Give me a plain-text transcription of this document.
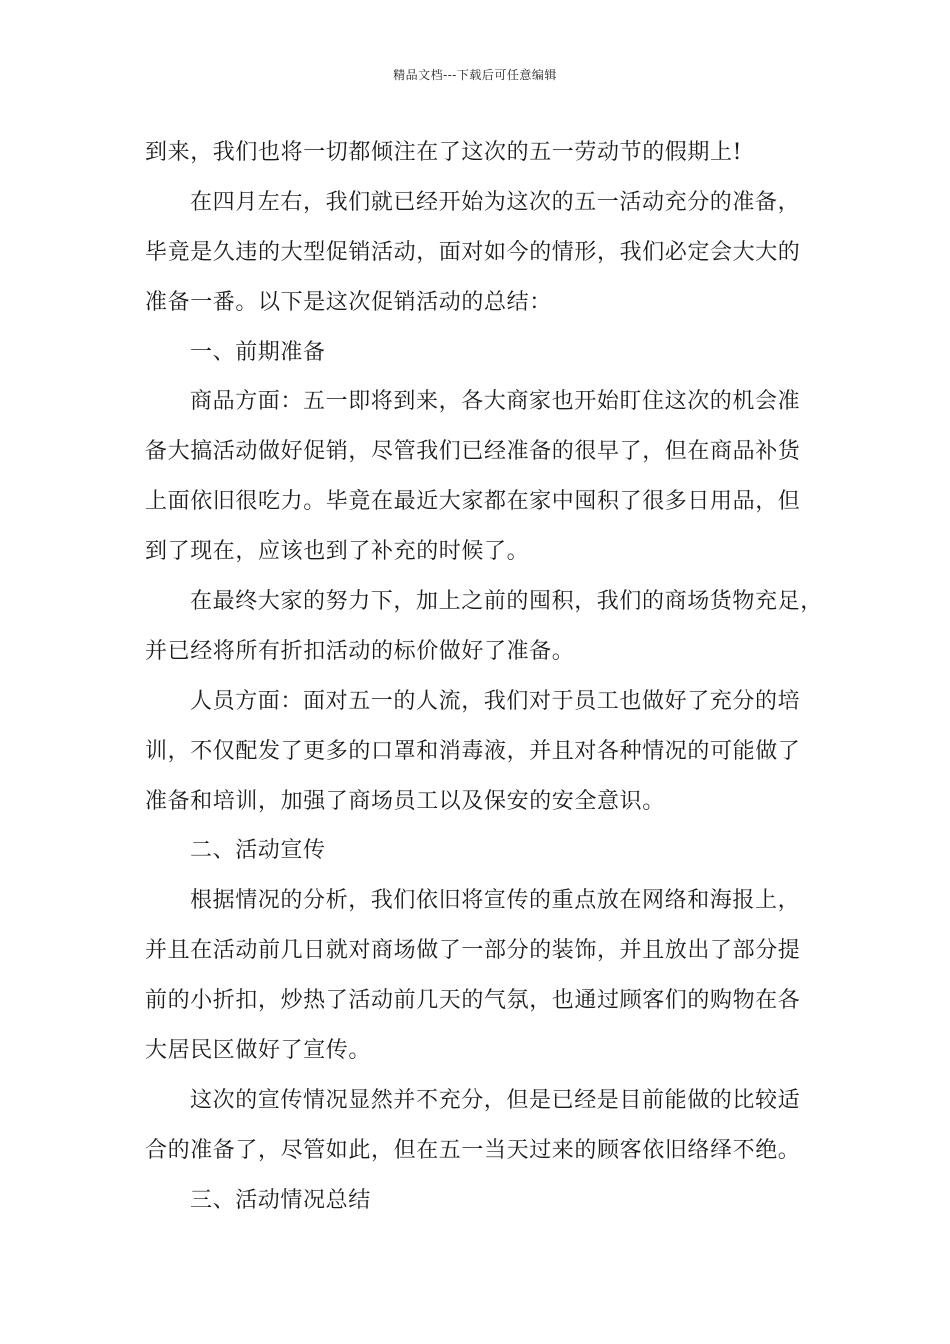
精品文档---下载后可任意编辑
到来，我们也将一切都倾注在了这次的五一劳动节的假期上!
在四月左右，我们就已经开始为这次的五一活动充分的准备，
毕竟是久违的大型促销活动，面对如今的情形，我们必定会大大的
准备一番。以下是这次促销活动的总结：
一、前期准备
商品方面：五一即将到来，各大商家也开始盯住这次的机会准
备大搞活动做好促销，尽管我们已经准备的很早了，但在商品补货
上面依旧很吃力。毕竟在最近大家都在家中囤积了很多日用品，但
到了现在，应该也到了补充的时候了。
在最终大家的努力下，加上之前的囤积，我们的商场货物充足，
并已经将所有折扣活动的标价做好了准备。
人员方面：面对五一的人流，我们对于员工也做好了充分的培
训，不仅配发了更多的口罩和消毒液，并且对各种情况的可能做了
准备和培训，加强了商场员工以及保安的安全意识。
二、活动宣传
根据情况的分析，我们依旧将宣传的重点放在网络和海报上，
并且在活动前几日就对商场做了一部分的装饰，并且放出了部分提
前的小折扣，炒热了活动前几天的气氛，也通过顾客们的购物在各
大居民区做好了宣传。
这次的宣传情况显然并不充分，但是已经是目前能做的比较适
合的准备了，尽管如此，但在五一当天过来的顾客依旧络绎不绝。
三、活动情况总结
